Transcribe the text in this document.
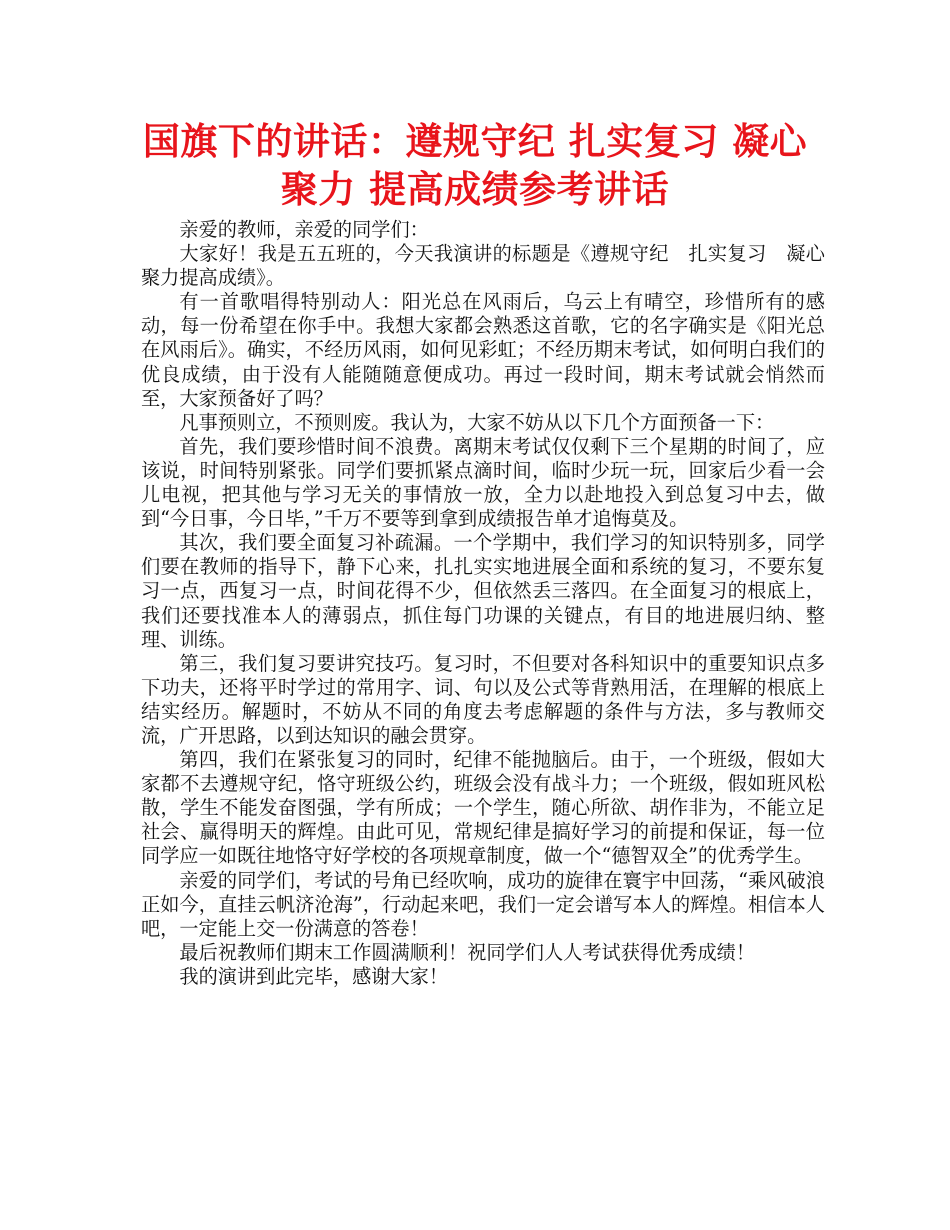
国旗下的讲话：遵规守纪 扎实复习 凝心聚力 提高成绩参考讲话

亲爱的教师，亲爱的同学们：

大家好！我是五五班的，今天我演讲的标题是《遵规守纪　扎实复习　凝心聚力提高成绩》。

有一首歌唱得特别动人：阳光总在风雨后，乌云上有晴空，珍惜所有的感动，每一份希望在你手中。我想大家都会熟悉这首歌，它的名字确实是《阳光总在风雨后》。确实，不经历风雨，如何见彩虹；不经历期末考试，如何明白我们的优良成绩，由于没有人能随随意便成功。再过一段时间，期末考试就会悄然而至，大家预备好了吗？

凡事预则立，不预则废。我认为，大家不妨从以下几个方面预备一下：

首先，我们要珍惜时间不浪费。离期末考试仅仅剩下三个星期的时间了，应该说，时间特别紧张。同学们要抓紧点滴时间，临时少玩一玩，回家后少看一会儿电视，把其他与学习无关的事情放一放，全力以赴地投入到总复习中去，做到“今日事，今日毕，”千万不要等到拿到成绩报告单才追悔莫及。

其次，我们要全面复习补疏漏。一个学期中，我们学习的知识特别多，同学们要在教师的指导下，静下心来，扎扎实实地进展全面和系统的复习，不要东复习一点，西复习一点，时间花得不少，但依然丢三落四。在全面复习的根底上，我们还要找准本人的薄弱点，抓住每门功课的关键点，有目的地进展归纳、整理、训练。

第三，我们复习要讲究技巧。复习时，不但要对各科知识中的重要知识点多下功夫，还将平时学过的常用字、词、句以及公式等背熟用活，在理解的根底上结实经历。解题时，不妨从不同的角度去考虑解题的条件与方法，多与教师交流，广开思路，以到达知识的融会贯穿。

第四，我们在紧张复习的同时，纪律不能抛脑后。由于，一个班级，假如大家都不去遵规守纪，恪守班级公约，班级会没有战斗力；一个班级，假如班风松散，学生不能发奋图强，学有所成；一个学生，随心所欲、胡作非为，不能立足社会、赢得明天的辉煌。由此可见，常规纪律是搞好学习的前提和保证，每一位同学应一如既往地恪守好学校的各项规章制度，做一个“德智双全”的优秀学生。

亲爱的同学们，考试的号角已经吹响，成功的旋律在寰宇中回荡，“乘风破浪正如今，直挂云帆济沧海”，行动起来吧，我们一定会谱写本人的辉煌。相信本人吧，一定能上交一份满意的答卷！

最后祝教师们期末工作圆满顺利！祝同学们人人考试获得优秀成绩！

我的演讲到此完毕，感谢大家！
